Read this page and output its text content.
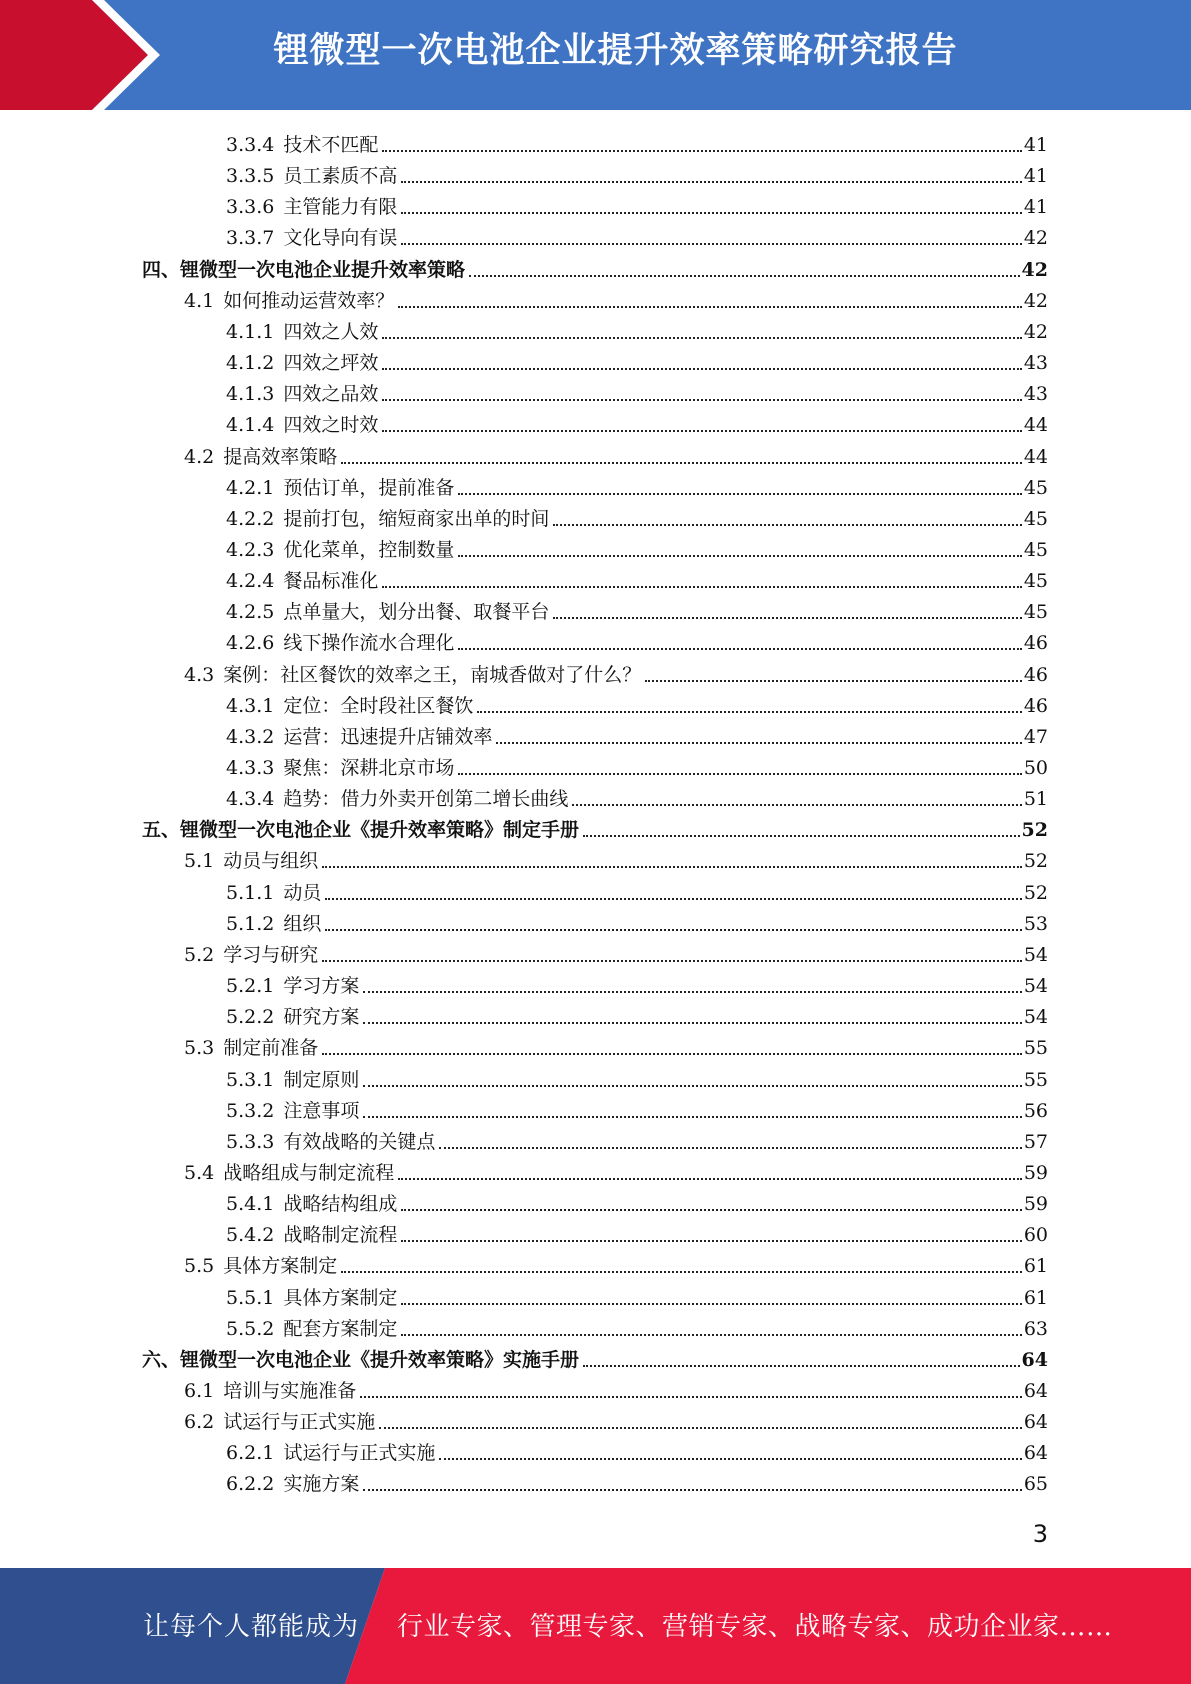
锂微型一次电池企业提升效率策略研究报告
3.3.4 技术不匹配	41
3.3.5 员工素质不高	41
3.3.6 主管能力有限	41
3.3.7 文化导向有误	42
四、锂微型一次电池企业提升效率策略	42
4.1 如何推动运营效率？	42
4.1.1 四效之人效	42
4.1.2 四效之坪效	43
4.1.3 四效之品效	43
4.1.4 四效之时效	44
4.2 提高效率策略	44
4.2.1 预估订单，提前准备	45
4.2.2 提前打包，缩短商家出单的时间	45
4.2.3 优化菜单，控制数量	45
4.2.4 餐品标准化	45
4.2.5 点单量大，划分出餐、取餐平台	45
4.2.6 线下操作流水合理化	46
4.3 案例：社区餐饮的效率之王，南城香做对了什么？	46
4.3.1 定位：全时段社区餐饮	46
4.3.2 运营：迅速提升店铺效率	47
4.3.3 聚焦：深耕北京市场	50
4.3.4 趋势：借力外卖开创第二增长曲线	51
五、锂微型一次电池企业《提升效率策略》制定手册	52
5.1 动员与组织	52
5.1.1 动员	52
5.1.2 组织	53
5.2 学习与研究	54
5.2.1 学习方案	54
5.2.2 研究方案	54
5.3 制定前准备	55
5.3.1 制定原则	55
5.3.2 注意事项	56
5.3.3 有效战略的关键点	57
5.4 战略组成与制定流程	59
5.4.1 战略结构组成	59
5.4.2 战略制定流程	60
5.5 具体方案制定	61
5.5.1 具体方案制定	61
5.5.2 配套方案制定	63
六、锂微型一次电池企业《提升效率策略》实施手册	64
6.1 培训与实施准备	64
6.2 试运行与正式实施	64
6.2.1 试运行与正式实施	64
6.2.2 实施方案	65
3
让每个人都能成为 行业专家、管理专家、营销专家、战略专家、成功企业家……
